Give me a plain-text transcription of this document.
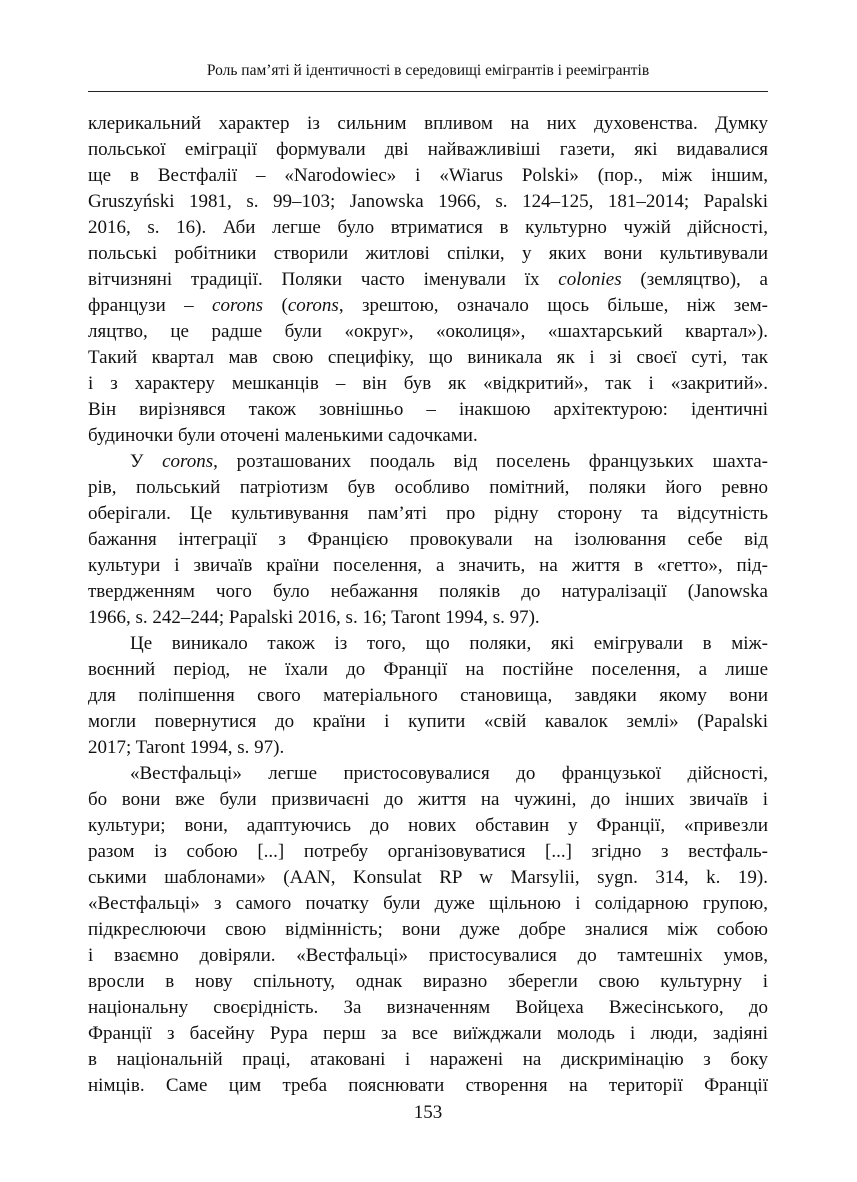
Роль пам’яті й ідентичності в середовищі емігрантів і реемігрантів
клерикальний характер із сильним впливом на них духовенства. Думку
польської еміграції формували дві найважливіші газети, які видавалися
ще в Вестфалії – «Narodowiec» і «Wiarus Polski» (пор., між іншим,
Gruszyński 1981, s. 99–103; Janowska 1966, s. 124–125, 181–2014; Papalski
2016, s. 16). Аби легше було втриматися в культурно чужій дійсності,
польські робітники створили житлові спілки, у яких вони культивували
вітчизняні традиції. Поляки часто іменували їх colonies (земляцтво), а
французи – corons (corons, зрештою, означало щось більше, ніж зем-
ляцтво, це радше були «округ», «околиця», «шахтарський квартал»).
Такий квартал мав свою специфіку, що виникала як і зі своєї суті, так
і з характеру мешканців – він був як «відкритий», так і «закритий».
Він вирізнявся також зовнішньо – інакшою архітектурою: ідентичні
будиночки були оточені маленькими садочками.
У corons, розташованих поодаль від поселень французьких шахта-
рів, польський патріотизм був особливо помітний, поляки його ревно
оберігали. Це культивування пам’яті про рідну сторону та відсутність
бажання інтеграції з Францією провокували на ізолювання себе від
культури і звичаїв країни поселення, а значить, на життя в «гетто», під-
твердженням чого було небажання поляків до натуралізації (Janowska
1966, s. 242–244; Papalski 2016, s. 16; Taront 1994, s. 97).
Це виникало також із того, що поляки, які емігрували в між-
воєнний період, не їхали до Франції на постійне поселення, а лише
для поліпшення свого матеріального становища, завдяки якому вони
могли повернутися до країни і купити «свій кавалок землі» (Papalski
2017; Taront 1994, s. 97).
«Вестфальці» легше пристосовувалися до французької дійсності,
бо вони вже були призвичаєні до життя на чужині, до інших звичаїв і
культури; вони, адаптуючись до нових обставин у Франції, «привезли
разом із собою [...] потребу організовуватися [...] згідно з вестфаль-
ськими шаблонами» (AAN, Konsulat RP w Marsylii, sygn. 314, k. 19).
«Вестфальці» з самого початку були дуже щільною і солідарною групою,
підкреслюючи свою відмінність; вони дуже добре зналися між собою
і взаємно довіряли. «Вестфальці» пристосувалися до тамтешніх умов,
вросли в нову спільноту, однак виразно зберегли свою культурну і
національну своєрідність. За визначенням Войцеха Вжесінського, до
Франції з басейну Рура перш за все виїжджали молодь і люди, задіяні
в національній праці, атаковані і наражені на дискримінацію з боку
німців. Саме цим треба пояснювати створення на території Франції
153
